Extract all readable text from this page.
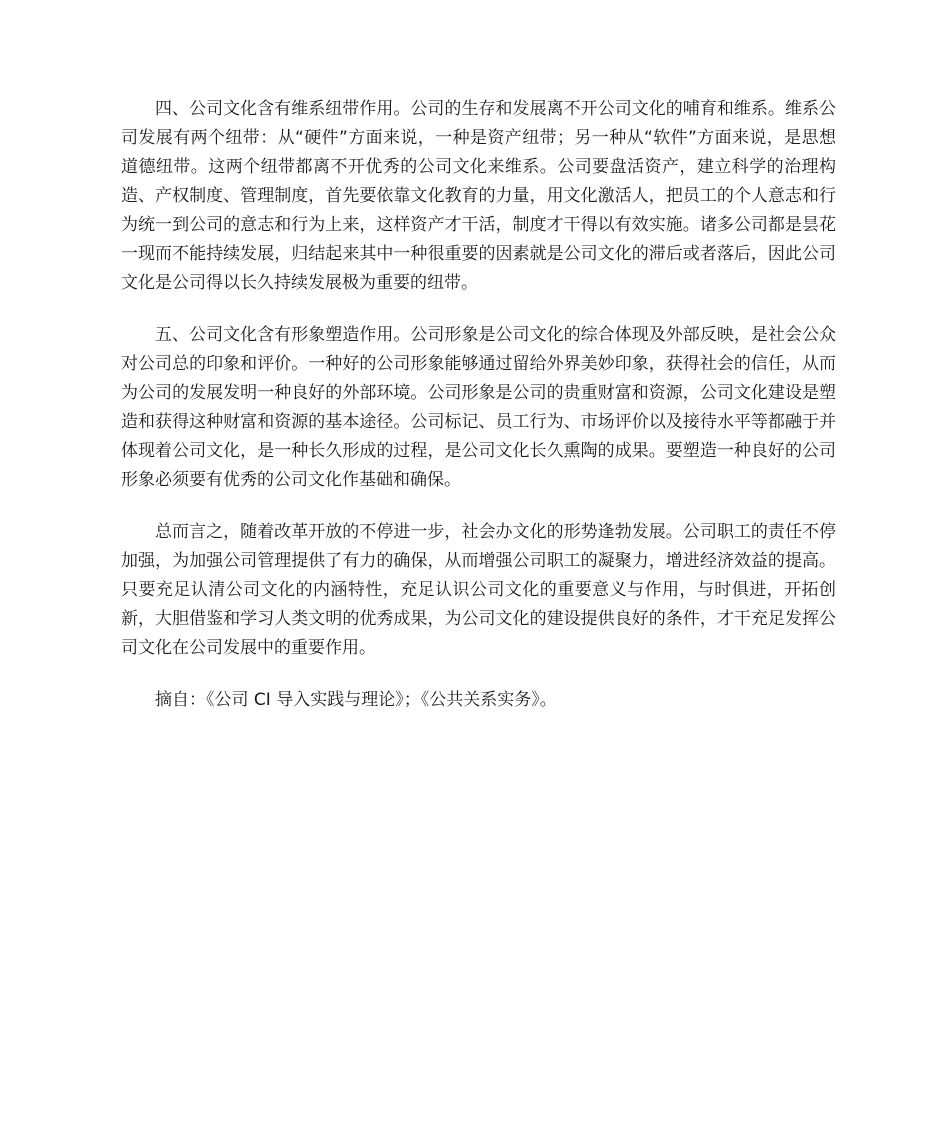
四、公司文化含有维系纽带作用。公司的生存和发展离不开公司文化的哺育和维系。维系公司发展有两个纽带：从“硬件”方面来说，一种是资产纽带；另一种从“软件”方面来说，是思想道德纽带。这两个纽带都离不开优秀的公司文化来维系。公司要盘活资产，建立科学的治理构造、产权制度、管理制度，首先要依靠文化教育的力量，用文化激活人，把员工的个人意志和行为统一到公司的意志和行为上来，这样资产才干活，制度才干得以有效实施。诸多公司都是昙花一现而不能持续发展，归结起来其中一种很重要的因素就是公司文化的滞后或者落后，因此公司文化是公司得以长久持续发展极为重要的纽带。

五、公司文化含有形象塑造作用。公司形象是公司文化的综合体现及外部反映，是社会公众对公司总的印象和评价。一种好的公司形象能够通过留给外界美妙印象，获得社会的信任，从而为公司的发展发明一种良好的外部环境。公司形象是公司的贵重财富和资源，公司文化建设是塑造和获得这种财富和资源的基本途径。公司标记、员工行为、市场评价以及接待水平等都融于并体现着公司文化，是一种长久形成的过程，是公司文化长久熏陶的成果。要塑造一种良好的公司形象必须要有优秀的公司文化作基础和确保。

总而言之，随着改革开放的不停进一步，社会办文化的形势逢勃发展。公司职工的责任不停加强，为加强公司管理提供了有力的确保，从而增强公司职工的凝聚力，增进经济效益的提高。只要充足认清公司文化的内涵特性，充足认识公司文化的重要意义与作用，与时俱进，开拓创新，大胆借鉴和学习人类文明的优秀成果，为公司文化的建设提供良好的条件，才干充足发挥公司文化在公司发展中的重要作用。

摘自：《公司 CI 导入实践与理论》；《公共关系实务》。
